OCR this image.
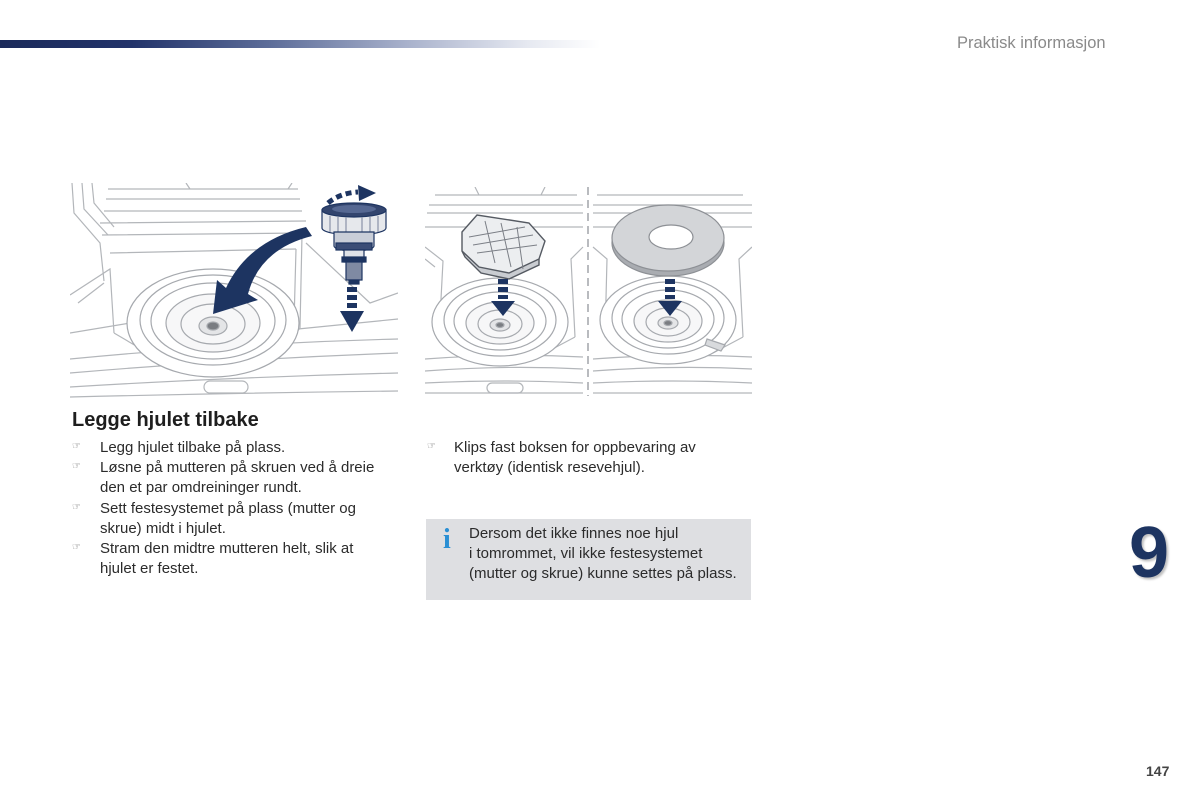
Praktisk informasjon
Legge hjulet tilbake
☞
Legg hjulet tilbake på plass.
☞
Løsne på mutteren på skruen ved å dreie den et par omdreininger rundt.
☞
Sett festesystemet på plass (mutter og skrue) midt i hjulet.
☞
Stram den midtre mutteren helt, slik at hjulet er festet.
☞
Klips fast boksen for oppbevaring av verktøy (identisk resevehjul).
i Dersom det ikke finnes noe hjul
i tomrommet, vil ikke festesystemet
(mutter og skrue) kunne settes på plass.	9
147
